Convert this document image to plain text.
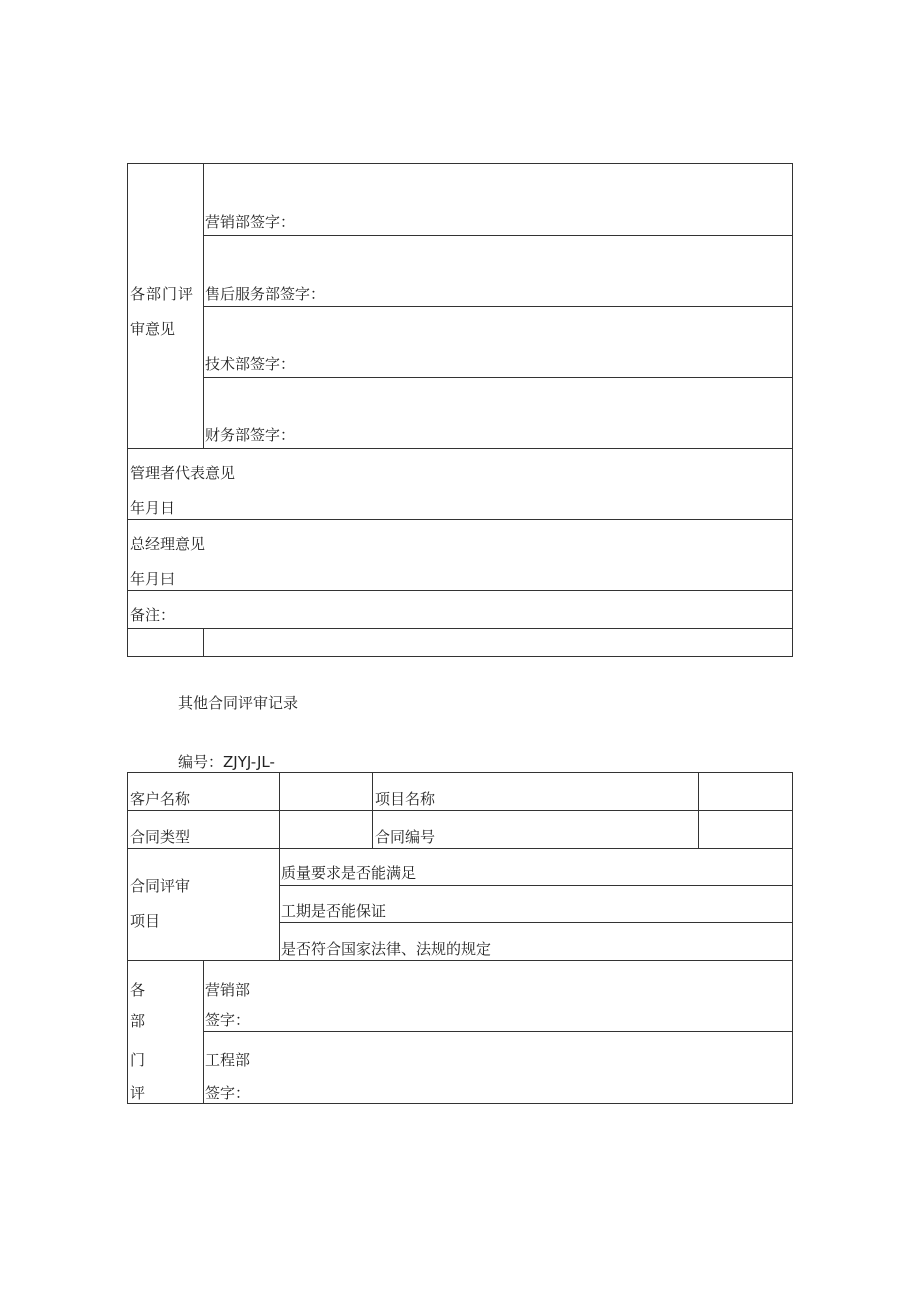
各部门评
审意见
营销部签字：
售后服务部签字：
技术部签字：
财务部签字：
管理者代表意见
年月日
总经理意见
年月曰
备注：
其他合同评审记录
编号：ZJYJ-JL-
客户名称	项目名称
合同类型	合同编号
合同评审
项目
质量要求是否能满足
工期是否能保证
是否符合国家法律、法规的规定
各
部
门
评
营销部
签字：
工程部
签字：
